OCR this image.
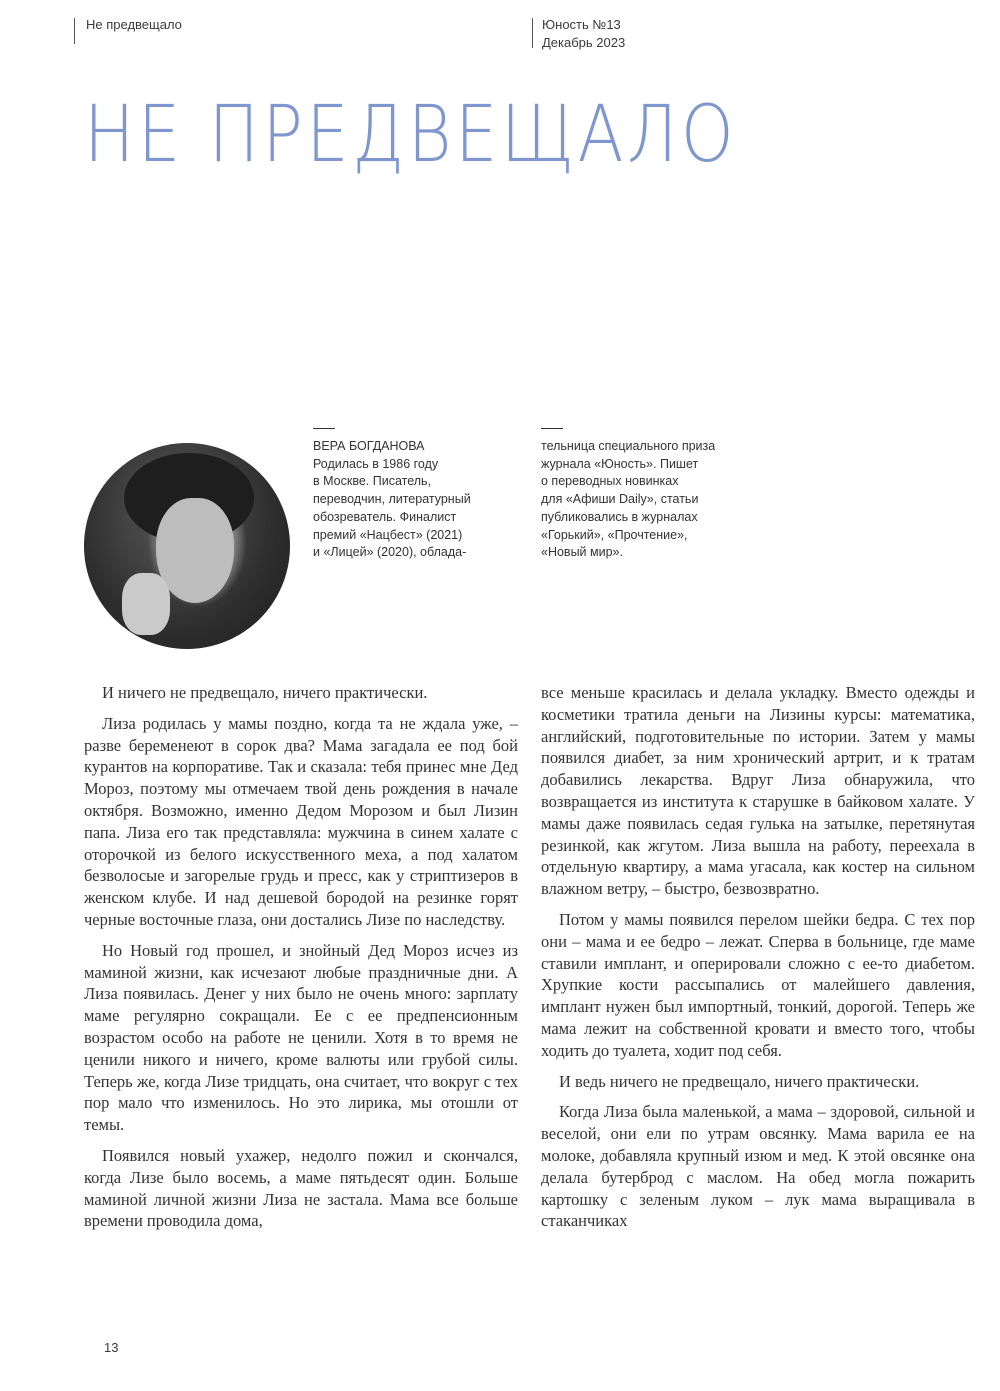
Не предвещало	Юность №13
Декабрь 2023
НЕ ПРЕДВЕЩАЛО

ВЕРА БОГДАНОВА

Родилась в 1986 году

в Москве. Писатель,

переводчин, литературный

обозреватель. Финалист

премий «Нацбест» (2021)

и «Лицей» (2020), облада-

тельница специального приза

журнала «Юность». Пишет

о переводных новинках

для «Афиши Daily», статьи

публиковались в журналах

«Горький», «Прочтение»,

«Новый мир».

И ничего не предвещало, ничего практически.

Лиза родилась у мамы поздно, когда та не ждала уже, – разве беременеют в сорок два? Мама загадала ее под бой курантов на корпоративе. Так и сказала: тебя принес мне Дед Мороз, поэтому мы отмечаем твой день рождения в начале октября. Возможно, именно Дедом Морозом и был Лизин папа. Лиза его так представляла: мужчина в синем халате с оторочкой из белого искусственного меха, а под халатом безволосые и загорелые грудь и пресс, как у стриптизеров в женском клубе. И над дешевой бородой на резинке горят черные восточные глаза, они достались Лизе по наследству.

Но Новый год прошел, и знойный Дед Мороз исчез из маминой жизни, как исчезают любые праздничные дни. А Лиза появилась. Денег у них было не очень много: зарплату маме регулярно сокращали. Ее с ее предпенсионным возрастом особо на работе не ценили. Хотя в то время не ценили никого и ничего, кроме валюты или грубой силы. Теперь же, когда Лизе тридцать, она считает, что вокруг с тех пор мало что изменилось. Но это лирика, мы отошли от темы.

Появился новый ухажер, недолго пожил и скончался, когда Лизе было восемь, а маме пятьдесят один. Больше маминой личной жизни Лиза не застала. Мама все больше времени проводила дома,

все меньше красилась и делала укладку. Вместо одежды и косметики тратила деньги на Лизины курсы: математика, английский, подготовительные по истории. Затем у мамы появился диабет, за ним хронический артрит, и к тратам добавились лекарства. Вдруг Лиза обнаружила, что возвращается из института к старушке в байковом халате. У мамы даже появилась седая гулька на затылке, перетянутая резинкой, как жгутом. Лиза вышла на работу, переехала в отдельную квартиру, а мама угасала, как костер на сильном влажном ветру, – быстро, безвозвратно.

Потом у мамы появился перелом шейки бедра. С тех пор они – мама и ее бедро – лежат. Сперва в больнице, где маме ставили имплант, и оперировали сложно с ее-то диабетом. Хрупкие кости рассыпались от малейшего давления, имплант нужен был импортный, тонкий, дорогой. Теперь же мама лежит на собственной кровати и вместо того, чтобы ходить до туалета, ходит под себя.

И ведь ничего не предвещало, ничего практически.

Когда Лиза была маленькой, а мама – здоровой, сильной и веселой, они ели по утрам овсянку. Мама варила ее на молоке, добавляла крупный изюм и мед. К этой овсянке она делала бутерброд с маслом. На обед могла пожарить картошку с зеленым луком – лук мама выращивала в стаканчиках

13
